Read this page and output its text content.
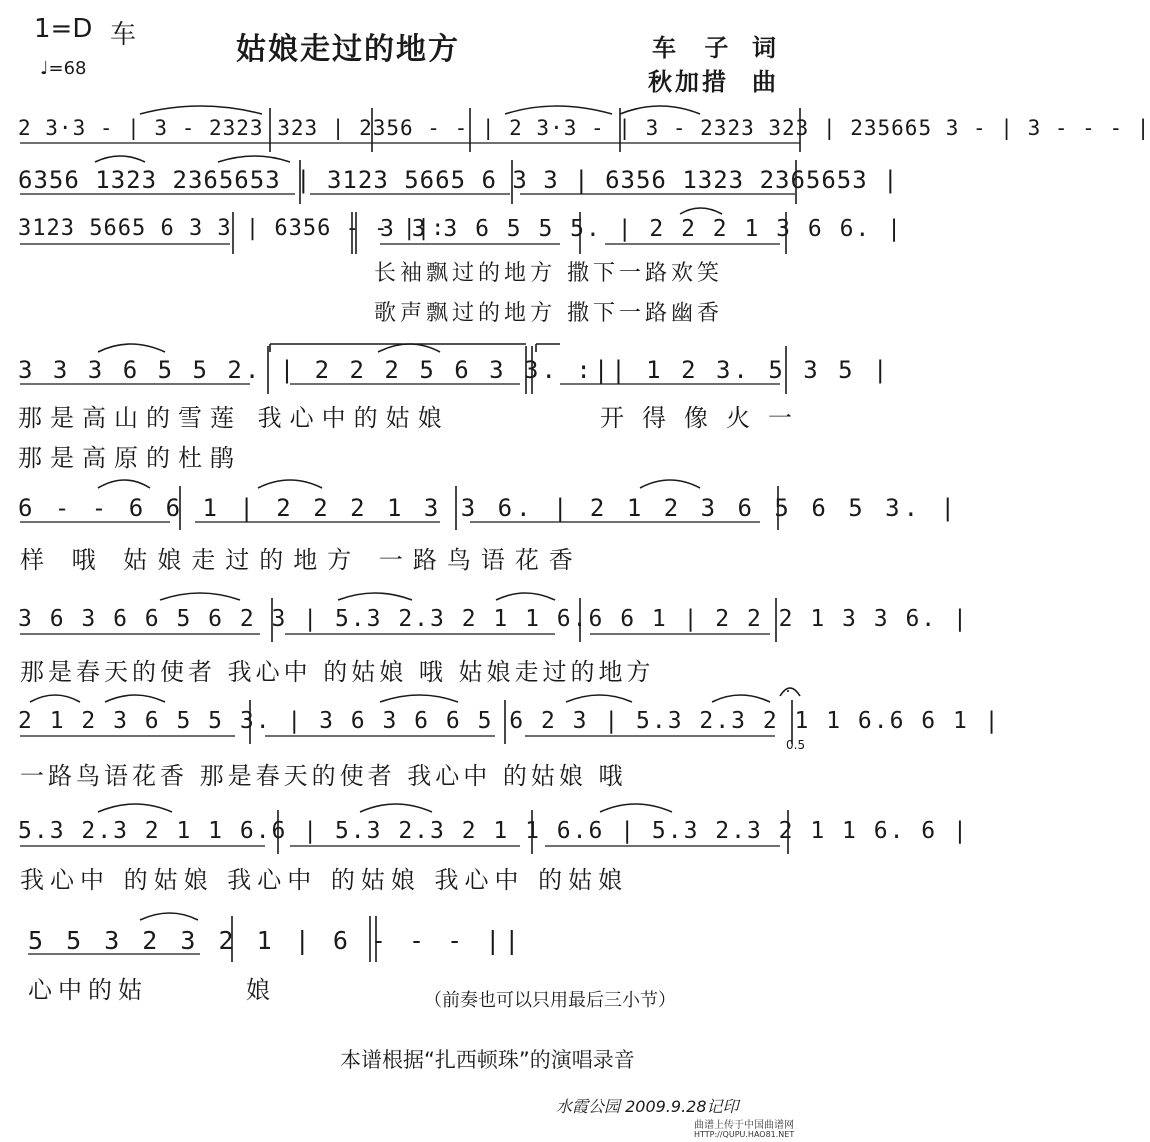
1=D 车
♩=68
姑娘走过的地方	车 子 词
秋加措 曲
2 3·3 - | 3 - 2323 323 | 2356 - - | 2 3·3 - | 3 - 2323 323 | 235665 3 - | 3 - - - |
6356 1323 2365653 | 3123 5665 6 3 3 | 6356 1323 2365653 |
3123 5665 6 3 3 | 6356 - - ||:
3 3 3 6 5 5 5. | 2 2 2 1 3 6 6. |
长袖飘过的地方 撒下一路欢笑
歌声飘过的地方 撒下一路幽香
3 3 3 6 5 5 2. | 2 2 2 5 6 3 3. :|| 1 2 3. 5 3 5 |
那是高山的雪莲 我心中的姑娘	开得像火一
那是高原的杜鹃
6 - - 6 6 1 | 2 2 2 1 3 3 6. | 2 1 2 3 6 5 6 5 3. |
样 哦 姑娘走过的地方 一路鸟语花香
3 6 3 6 6 5 6 2 3 | 5.3 2.3 2 1 1 6.6 6 1 | 2 2 2 1 3 3 6. |
那是春天的使者 我心中 的姑娘 哦 姑娘走过的地方
2 1 2 3 6 5 5 3. | 3 6 3 6 6 5 6 2 3 | 5.3 2.3 2 1 1 6.6 6 1 |
一路鸟语花香 那是春天的使者 我心中 的姑娘 哦
0.5
5.3 2.3 2 1 1 6.6 | 5.3 2.3 2 1 1 6.6 | 5.3 2.3 2 1 1 6. 6 |
我心中 的姑娘 我心中 的姑娘 我心中 的姑娘
5 5 3 2 3 2 1 | 6 - - - ||
心中的姑	娘	（前奏也可以只用最后三小节）
本谱根据“扎西顿珠”的演唱录音
水霞公园 2009.9.28记印
曲谱上传于中国曲谱网
HTTP://QUPU.HAO81.NET
